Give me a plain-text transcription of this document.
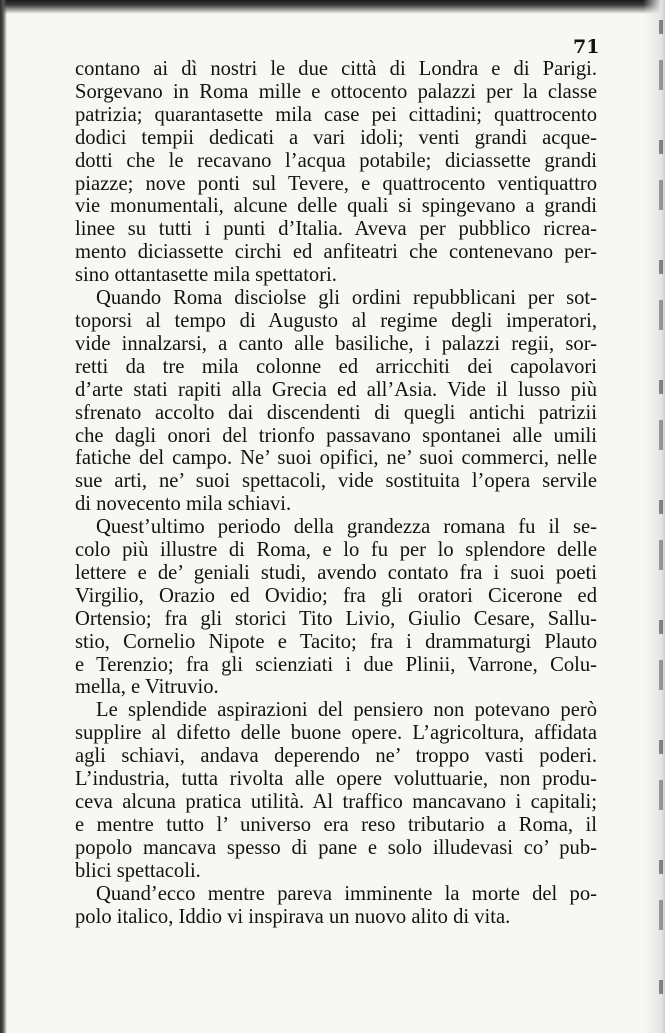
71

contano ai dì nostri le due città di Londra e di Parigi.
Sorgevano in Roma mille e ottocento palazzi per la classe
patrizia; quarantasette mila case pei cittadini; quattrocento
dodici tempii dedicati a vari idoli; venti grandi acque-
dotti che le recavano l’acqua potabile; diciassette grandi
piazze; nove ponti sul Tevere, e quattrocento ventiquattro
vie monumentali, alcune delle quali si spingevano a grandi
linee su tutti i punti d’Italia. Aveva per pubblico ricrea-
mento diciassette circhi ed anfiteatri che contenevano per-
sino ottantasette mila spettatori.

Quando Roma disciolse gli ordini repubblicani per sot-
toporsi al tempo di Augusto al regime degli imperatori,
vide innalzarsi, a canto alle basiliche, i palazzi regii, sor-
retti da tre mila colonne ed arricchiti dei capolavori
d’arte stati rapiti alla Grecia ed all’Asia. Vide il lusso più
sfrenato accolto dai discendenti di quegli antichi patrizii
che dagli onori del trionfo passavano spontanei alle umili
fatiche del campo. Ne’ suoi opifici, ne’ suoi commerci, nelle
sue arti, ne’ suoi spettacoli, vide sostituita l’opera servile
di novecento mila schiavi.

Quest’ultimo periodo della grandezza romana fu il se-
colo più illustre di Roma, e lo fu per lo splendore delle
lettere e de’ geniali studi, avendo contato fra i suoi poeti
Virgilio, Orazio ed Ovidio; fra gli oratori Cicerone ed
Ortensio; fra gli storici Tito Livio, Giulio Cesare, Sallu-
stio, Cornelio Nipote e Tacito; fra i drammaturgi Plauto
e Terenzio; fra gli scienziati i due Plinii, Varrone, Colu-
mella, e Vitruvio.

Le splendide aspirazioni del pensiero non potevano però
supplire al difetto delle buone opere. L’agricoltura, affidata
agli schiavi, andava deperendo ne’ troppo vasti poderi.
L’industria, tutta rivolta alle opere voluttuarie, non produ-
ceva alcuna pratica utilità. Al traffico mancavano i capitali;
e mentre tutto l’ universo era reso tributario a Roma, il
popolo mancava spesso di pane e solo illudevasi co’ pub-
blici spettacoli.

Quand’ecco mentre pareva imminente la morte del po-
polo italico, Iddio vi inspirava un nuovo alito di vita.
